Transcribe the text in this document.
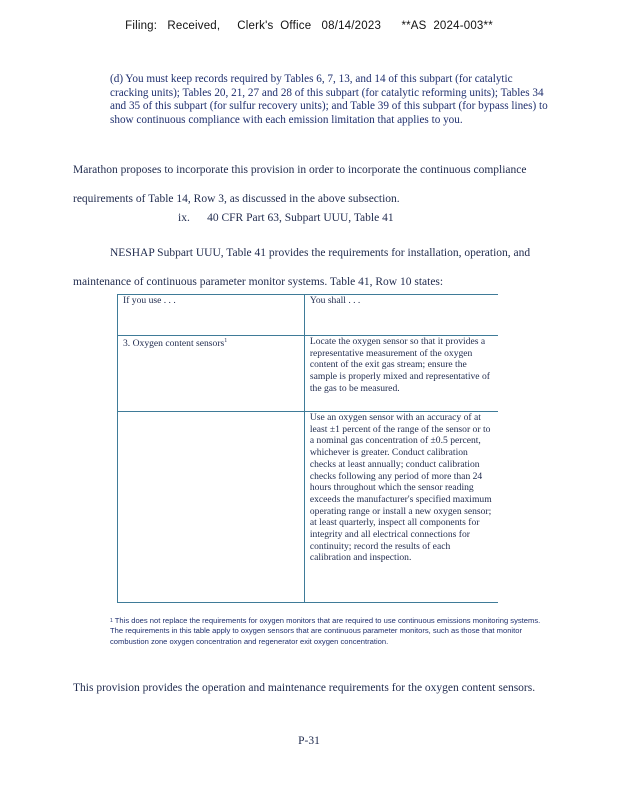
Filing: Received, Clerk's Office 08/14/2023 **AS 2024-003**
(d) You must keep records required by Tables 6, 7, 13, and 14 of this subpart (for catalytic cracking units); Tables 20, 21, 27 and 28 of this subpart (for catalytic reforming units); Tables 34 and 35 of this subpart (for sulfur recovery units); and Table 39 of this subpart (for bypass lines) to show continuous compliance with each emission limitation that applies to you.
Marathon proposes to incorporate this provision in order to incorporate the continuous compliance requirements of Table 14, Row 3, as discussed in the above subsection.
ix. 40 CFR Part 63, Subpart UUU, Table 41
NESHAP Subpart UUU, Table 41 provides the requirements for installation, operation, and maintenance of continuous parameter monitor systems. Table 41, Row 10 states:
If you use . . .	You shall . . .
3. Oxygen content sensors$^1$	Locate the oxygen sensor so that it provides a representative measurement of the oxygen content of the exit gas stream; ensure the sample is properly mixed and representative of the gas to be measured.
	Use an oxygen sensor with an accuracy of at least ±1 percent of the range of the sensor or to a nominal gas concentration of ±0.5 percent, whichever is greater. Conduct calibration checks at least annually; conduct calibration checks following any period of more than 24 hours throughout which the sensor reading exceeds the manufacturer's specified maximum operating range or install a new oxygen sensor; at least quarterly, inspect all components for integrity and all electrical connections for continuity; record the results of each calibration and inspection.
$^1$ This does not replace the requirements for oxygen monitors that are required to use continuous emissions monitoring systems. The requirements in this table apply to oxygen sensors that are continuous parameter monitors, such as those that monitor combustion zone oxygen concentration and regenerator exit oxygen concentration.
This provision provides the operation and maintenance requirements for the oxygen content sensors.
P-31
